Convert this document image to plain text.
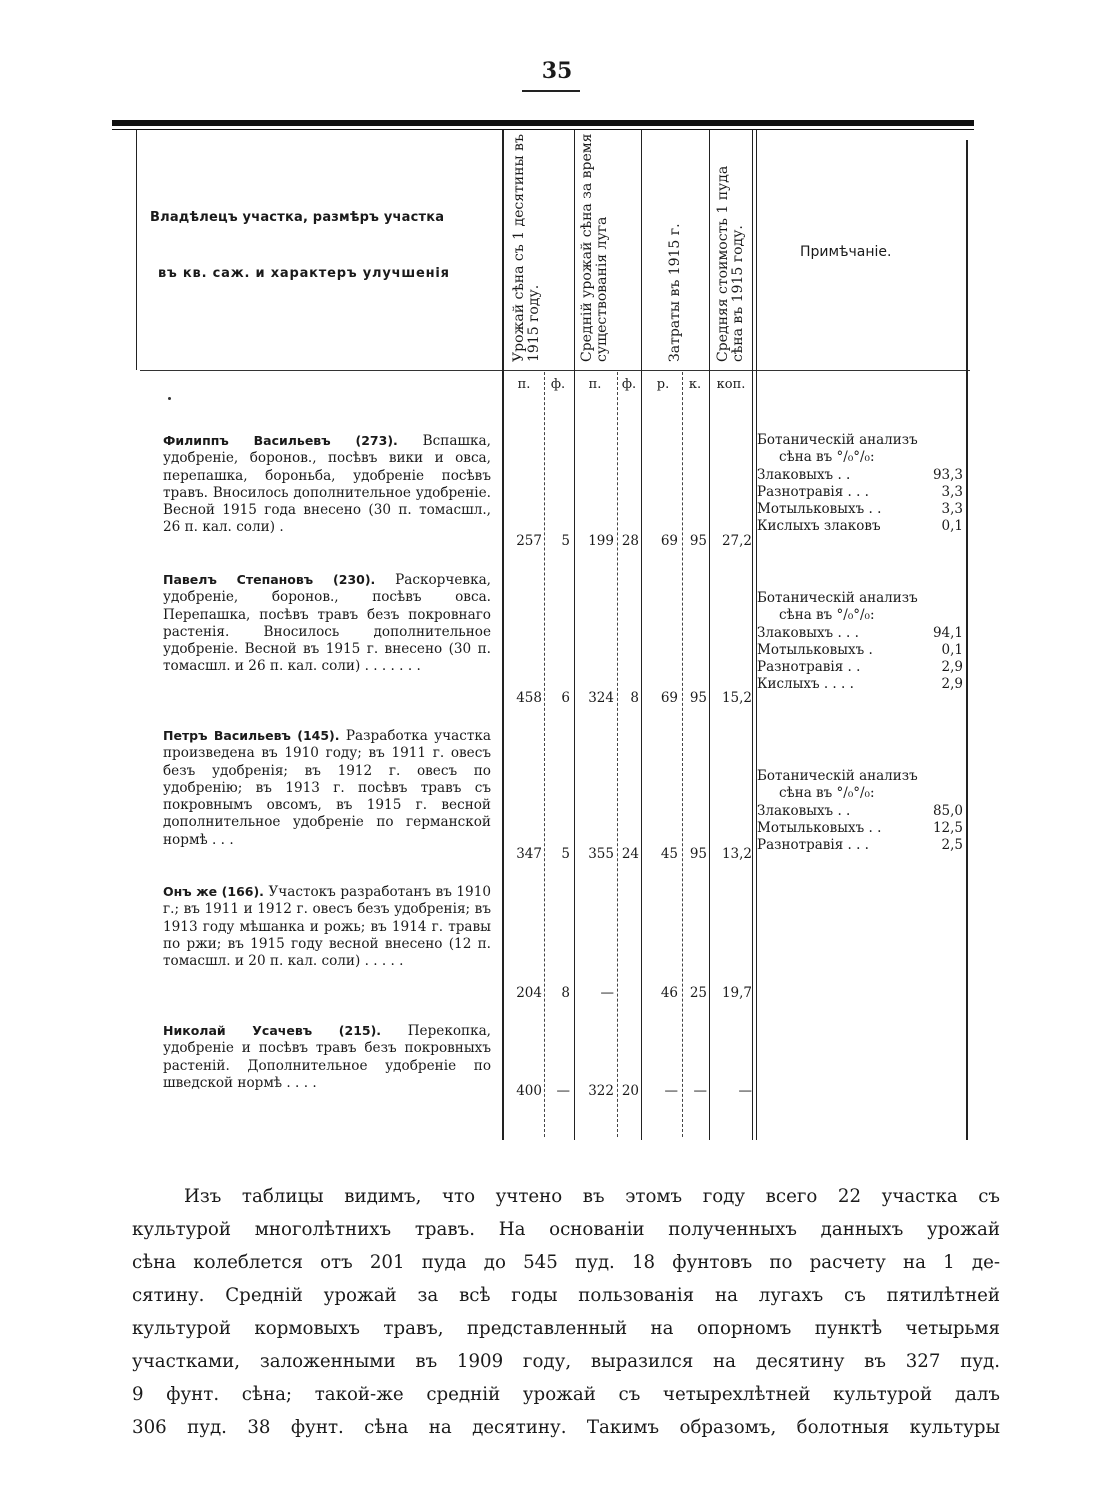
35
Владѣлецъ участка, размѣръ участка
въ кв. саж. и характеръ улучшенія	Урожай сѣна съ 1 десятины въ 1915 году.	Средній урожай сѣна за время существованія луга	Затраты въ 1915 г.	Средняя стоимость 1 пуда сѣна въ 1915 году.	Примѣчаніе.
п.	ф.	п.	ф.	р.	к.	коп.
Филиппъ Васильевъ (273). Вспашка, удобреніе, боронов., посѣвъ вики и овса, перепашка, бороньба, удобреніе посѣвъ травъ. Вносилось дополнительное удобреніе. Весной 1915 года внесено (30 п. томасшл., 26 п. кал. соли) .
257	5	199 28	69 95	27,2
Ботаническій анализъ
сѣна въ °/₀°/₀:
Злаковыхъ . .	93,3
Разнотравія . . .	3,3
Мотыльковыхъ . .	3,3
Кислыхъ злаковъ	0,1
Павелъ Степановъ (230). Раскорчевка, удобреніе, боронов., посѣвъ овса. Перепашка, посѣвъ травъ безъ покровнаго растенія. Вносилось дополнительное удобреніе. Весной въ 1915 г. внесено (30 п. томасшл. и 26 п. кал. соли) . . . . . . .
458	6	324	8	69 95	15,2
Ботаническій анализъ
сѣна въ °/₀°/₀:
Злаковыхъ . . .	94,1
Мотыльковыхъ .	0,1
Разнотравія . .	2,9
Кислыхъ . . . .	2,9
Петръ Васильевъ (145). Разработка участка произведена въ 1910 году; въ 1911 г. овесъ безъ удобренія; въ 1912 г. овесъ по удобренію; въ 1913 г. посѣвъ травъ съ покровнымъ овсомъ, въ 1915 г. весной дополнительное удобреніе по германской нормѣ . . .
347	5	355 24	45 95	13,2
Ботаническій анализъ
сѣна въ °/₀°/₀:
Злаковыхъ . .	85,0
Мотыльковыхъ . .	12,5
Разнотравія . . .	2,5
Онъ же (166). Участокъ разработанъ въ 1910 г.; въ 1911 и 1912 г. овесъ безъ удобренія; въ 1913 году мѣшанка и рожь; въ 1914 г. травы по ржи; въ 1915 году весной внесено (12 п. томасшл. и 20 п. кал. соли) . . . . .
204	8	—	46 25	19,7
Николай Усачевъ (215). Перекопка, удобреніе и посѣвъ травъ безъ покровныхъ растеній. Дополнительное удобреніе по шведской нормѣ . . . .
400	—	322 20	—	—	—
Изъ таблицы видимъ, что учтено въ этомъ году всего 22 участка съ
культурой многолѣтнихъ травъ. На основаніи полученныхъ данныхъ урожай
сѣна колеблется отъ 201 пуда до 545 пуд. 18 фунтовъ по расчету на 1 де-
сятину. Средній урожай за всѣ годы пользованія на лугахъ съ пятилѣтней
культурой кормовыхъ травъ, представленный на опорномъ пунктѣ четырьмя
участками, заложенными въ 1909 году, выразился на десятину въ 327 пуд.
9 фунт. сѣна; такой-же средній урожай съ четырехлѣтней культурой далъ
306 пуд. 38 фунт. сѣна на десятину. Такимъ образомъ, болотныя культуры
